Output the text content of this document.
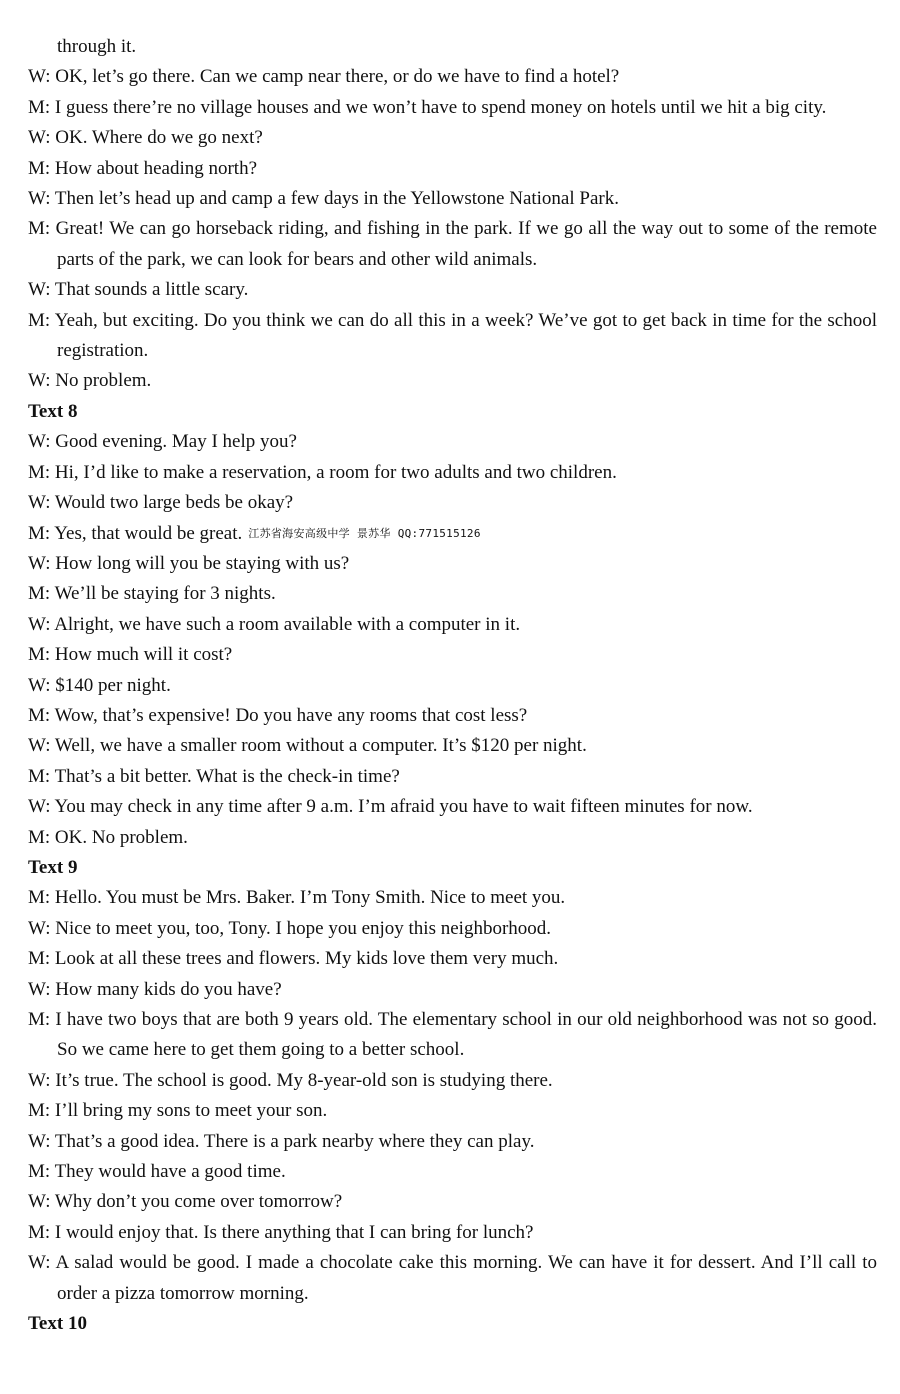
through it.
W: OK, let’s go there. Can we camp near there, or do we have to find a hotel?
M: I guess there’re no village houses and we won’t have to spend money on hotels until we hit a big city.
W: OK. Where do we go next?
M: How about heading north?
W: Then let’s head up and camp a few days in the Yellowstone National Park.
M: Great! We can go horseback riding, and fishing in the park. If we go all the way out to some of the remote parts of the park, we can look for bears and other wild animals.
W: That sounds a little scary.
M: Yeah, but exciting. Do you think we can do all this in a week? We’ve got to get back in time for the school registration.
W: No problem.
Text 8
W: Good evening. May I help you?
M: Hi, I’d like to make a reservation, a room for two adults and two children.
W: Would two large beds be okay?
M: Yes, that would be great. 江苏省海安高级中学 景苏华 QQ:771515126
W: How long will you be staying with us?
M: We’ll be staying for 3 nights.
W: Alright, we have such a room available with a computer in it.
M: How much will it cost?
W: $140 per night.
M: Wow, that’s expensive! Do you have any rooms that cost less?
W: Well, we have a smaller room without a computer. It’s $120 per night.
M: That’s a bit better. What is the check-in time?
W: You may check in any time after 9 a.m. I’m afraid you have to wait fifteen minutes for now.
M: OK. No problem.
Text 9
M: Hello. You must be Mrs. Baker. I’m Tony Smith. Nice to meet you.
W: Nice to meet you, too, Tony. I hope you enjoy this neighborhood.
M: Look at all these trees and flowers. My kids love them very much.
W: How many kids do you have?
M: I have two boys that are both 9 years old. The elementary school in our old neighborhood was not so good. So we came here to get them going to a better school.
W: It’s true. The school is good. My 8-year-old son is studying there.
M: I’ll bring my sons to meet your son.
W: That’s a good idea. There is a park nearby where they can play.
M: They would have a good time.
W: Why don’t you come over tomorrow?
M: I would enjoy that. Is there anything that I can bring for lunch?
W: A salad would be good. I made a chocolate cake this morning. We can have it for dessert. And I’ll call to order a pizza tomorrow morning.
Text 10
